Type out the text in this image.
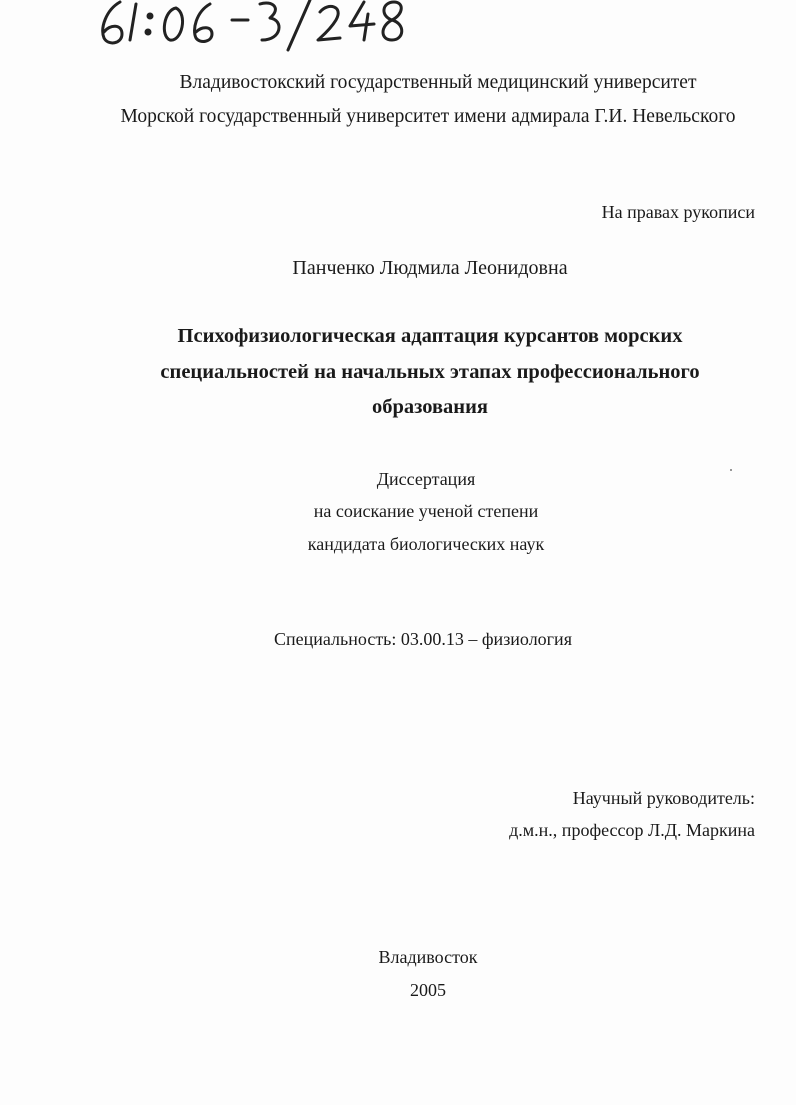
Владивостокский государственный медицинский университет
Морской государственный университет имени адмирала Г.И. Невельского
На правах рукописи
Панченко Людмила Леонидовна
Психофизиологическая адаптация курсантов морских
специальностей на начальных этапах профессионального
образования
Диссертация
на соискание ученой степени
кандидата биологических наук
Специальность: 03.00.13 – физиология
Научный руководитель:
д.м.н., профессор Л.Д. Маркина
Владивосток
2005
